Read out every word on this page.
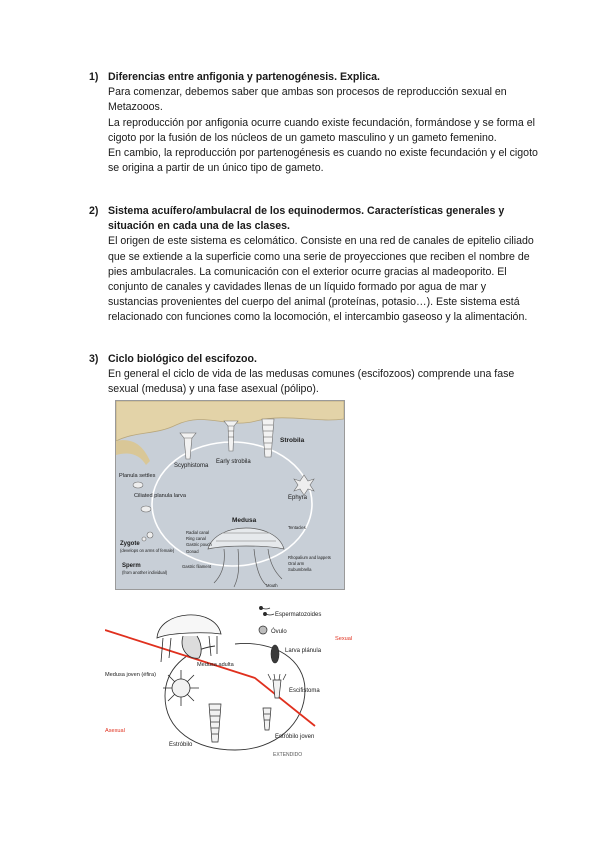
1) Diferencias entre anfigonia y partenogénesis. Explica.

Para comenzar, debemos saber que ambas son procesos de reproducción sexual en Metazooos.

La reproducción por anfigonia ocurre cuando existe fecundación, formándose y se forma el cigoto por la fusión de los núcleos de un gameto masculino y un gameto femenino.

En cambio, la reproducción por partenogénesis es cuando no existe fecundación y el cigoto se origina a partir de un único tipo de gameto.

2) Sistema acuífero/ambulacral de los equinodermos. Características generales y situación en cada una de las clases.

El origen de este sistema es celomático. Consiste en una red de canales de epitelio ciliado que se extiende a la superficie como una serie de proyecciones que reciben el nombre de pies ambulacrales. La comunicación con el exterior ocurre gracias al madeoporito. El conjunto de canales y cavidades llenas de un líquido formado por agua de mar y sustancias provenientes del cuerpo del animal (proteínas, potasio…). Este sistema está relacionado con funciones como la locomoción, el intercambio gaseoso y la alimentación.

3) Ciclo biológico del escifozoo.

En general el ciclo de vida de las medusas comunes (escifozoos) comprende una fase sexual (medusa) y una fase asexual (pólipo).

Strobila
Scyphistoma
Early strobila
Planula settles
Ciliated planula larva	Ephyra
Medusa
Zygote
(develops on arms of female)
Sperm
(from another individual)
Radial canal
Ring canal
Gastric pouch
Gonad
Gastric filament
Tentacles
Rhopalium and lappets
Oral arm
Subumbrella
Mouth
Espermatozoides
Óvulo
Sexual
Larva plánula
Medusa adulta
Medusa joven (éfira)
Escifistoma
Asexual
Estróbilo
Estróbilo joven
EXTENDIDO
